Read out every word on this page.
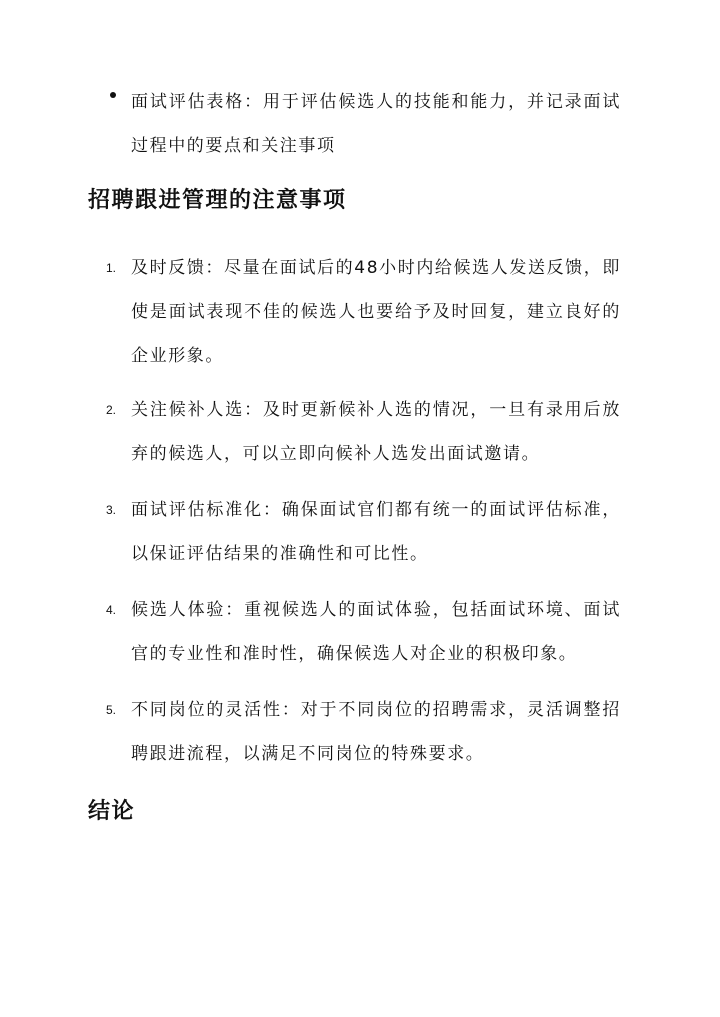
面试评估表格：用于评估候选人的技能和能力，并记录面试过程中的要点和关注事项
招聘跟进管理的注意事项
1. 及时反馈：尽量在面试后的48小时内给候选人发送反馈，即使是面试表现不佳的候选人也要给予及时回复，建立良好的企业形象。
2. 关注候补人选：及时更新候补人选的情况，一旦有录用后放弃的候选人，可以立即向候补人选发出面试邀请。
3. 面试评估标准化：确保面试官们都有统一的面试评估标准，以保证评估结果的准确性和可比性。
4. 候选人体验：重视候选人的面试体验，包括面试环境、面试官的专业性和准时性，确保候选人对企业的积极印象。
5. 不同岗位的灵活性：对于不同岗位的招聘需求，灵活调整招聘跟进流程，以满足不同岗位的特殊要求。
结论
